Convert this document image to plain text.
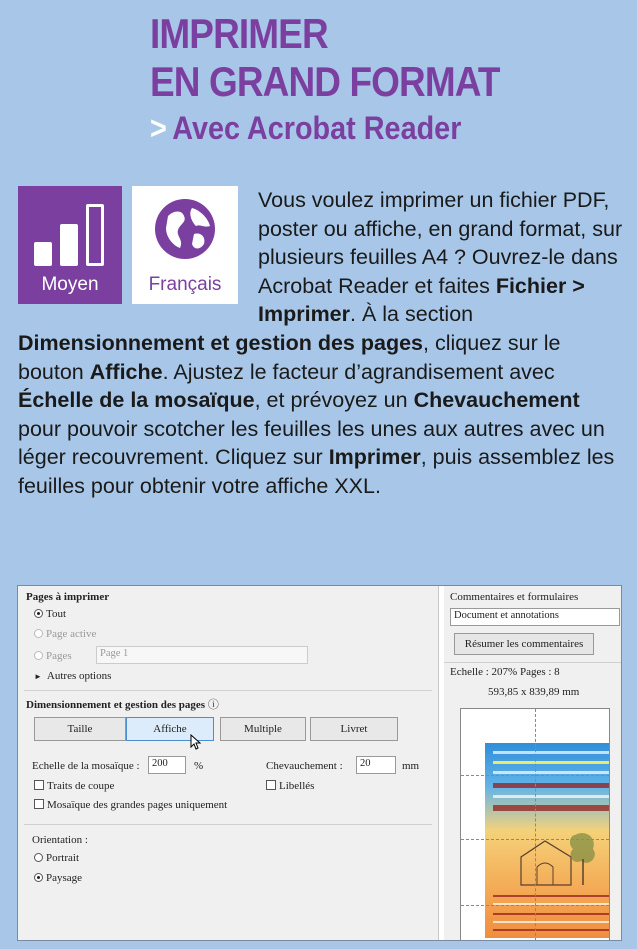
IMPRIMER
EN GRAND FORMAT
> Avec Acrobat Reader
Moyen	Français
Vous voulez imprimer un fichier PDF, poster ou affiche, en grand format, sur plusieurs feuilles A4 ? Ouvrez-le dans Acrobat Reader et faites Fichier > Imprimer. À la section Dimensionnement et gestion des pages, cliquez sur le bouton Affiche. Ajustez le facteur d’agrandisement avec Échelle de la mosaïque, et prévoyez un Chevauchement pour pouvoir scotcher les feuilles les unes aux autres avec un léger recouvrement. Cliquez sur Imprimer, puis assemblez les feuilles pour obtenir votre affiche XXL.
Pages à imprimer
Tout
Page active
Pages	Page 1
► Autres options
Dimensionnement et gestion des pages ⓘ
Taille	Affiche	Multiple	Livret
Echelle de la mosaïque :	200	%	Chevauchement :	20	mm
Traits de coupe	Libellés
Mosaïque des grandes pages uniquement
Orientation :
Portrait
Paysage
Commentaires et formulaires
Document et annotations
Résumer les commentaires
Echelle : 207% Pages : 8
593,85 x 839,89 mm
